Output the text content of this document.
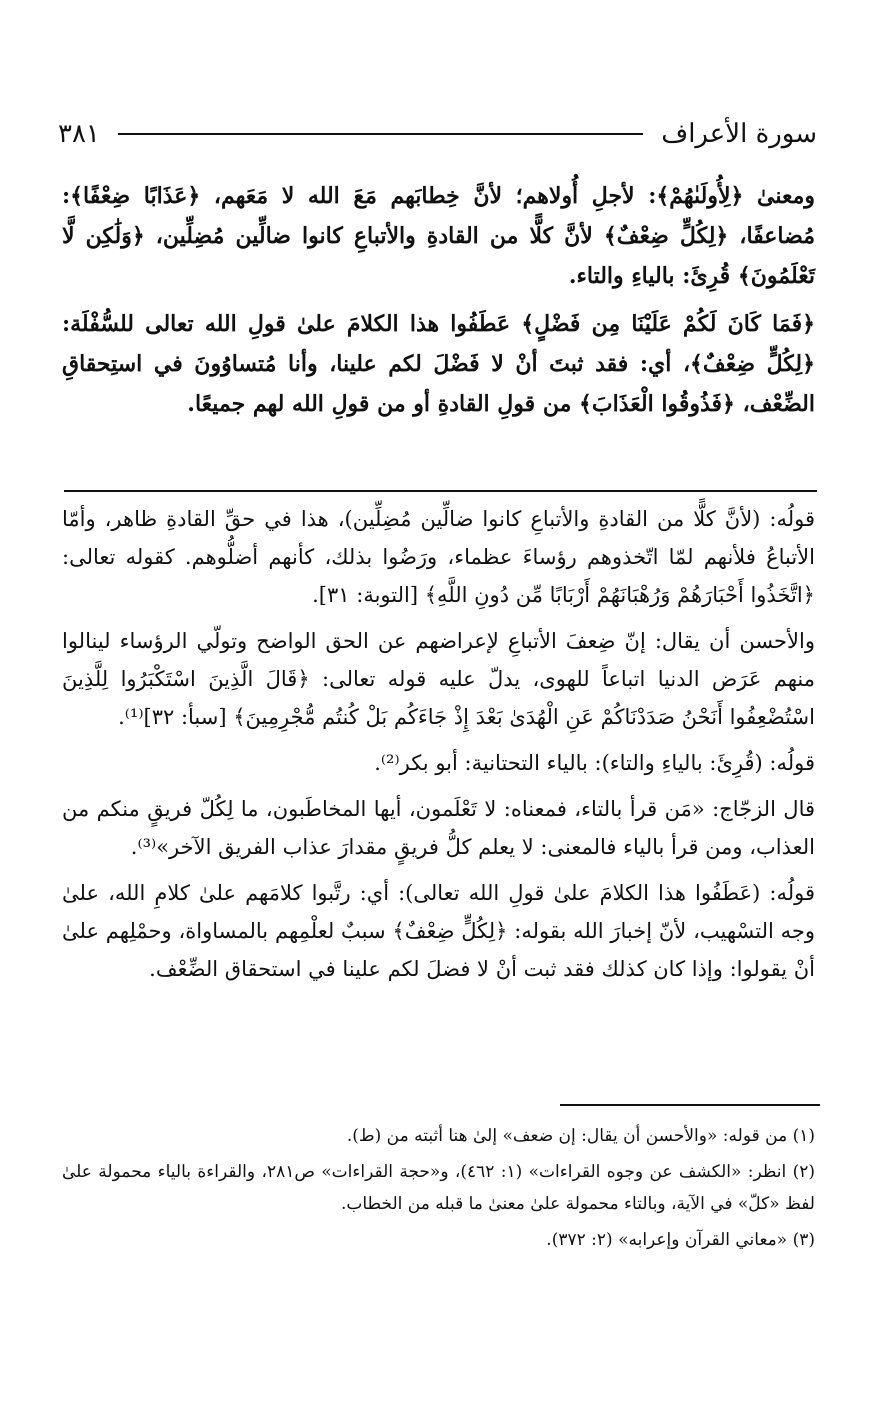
سورة الأعراف
٣٨١

ومعنىٰ ﴿لِأُولَىٰهُمْ﴾: لأجلِ أُولاهم؛ لأنَّ خِطابَهم مَعَ الله لا مَعَهم، ﴿عَذَابًا ضِعْفًا﴾: مُضاعفًا، ﴿لِكُلٍّ ضِعْفٌ﴾ لأنَّ كلًّا من القادةِ والأتباعِ كانوا ضالِّين مُضِلِّين، ﴿وَلَٰكِن لَّا تَعْلَمُونَ﴾ قُرِئَ: بالياءِ والتاء.

﴿فَمَا كَانَ لَكُمْ عَلَيْنَا مِن فَضْلٍ﴾ عَطَفُوا هذا الكلامَ علىٰ قولِ الله تعالى للسُّفْلَة: ﴿لِكُلٍّ ضِعْفٌ﴾، أي: فقد ثبتَ أنْ لا فَضْلَ لكم علينا، وأنا مُتساوُونَ في استِحقاقِ الضِّعْف، ﴿فَذُوقُوا الْعَذَابَ﴾ من قولِ القادةِ أو من قولِ الله لهم جميعًا.

قولُه: (لأنَّ كلًّا من القادةِ والأتباعِ كانوا ضالِّين مُضِلِّين)، هذا في حقِّ القادةِ ظاهر، وأمّا الأتباعُ فلأنهم لمّا اتّخذوهم رؤساءَ عظماء، ورَضُوا بذلك، كأنهم أضلُّوهم. كقوله تعالى: ﴿اتَّخَذُوا أَحْبَارَهُمْ وَرُهْبَانَهُمْ أَرْبَابًا مِّن دُونِ اللَّهِ﴾ [التوبة: ٣١].

والأحسن أن يقال: إنّ ضِعفَ الأتباعِ لإعراضهم عن الحق الواضح وتولّي الرؤساء لينالوا منهم عَرَض الدنيا اتباعاً للهوى، يدلّ عليه قوله تعالى: ﴿قَالَ الَّذِينَ اسْتَكْبَرُوا لِلَّذِينَ اسْتُضْعِفُوا أَنَحْنُ صَدَدْنَاكُمْ عَنِ الْهُدَىٰ بَعْدَ إِذْ جَاءَكُم بَلْ كُنتُم مُّجْرِمِينَ﴾ [سبأ: ٣٢]⁽¹⁾.

قولُه: (قُرِئَ: بالياءِ والتاء): بالياء التحتانية: أبو بكر⁽²⁾.

قال الزجّاج: «مَن قرأ بالتاء، فمعناه: لا تَعْلَمون، أيها المخاطَبون، ما لِكُلّ فريقٍ منكم من العذاب، ومن قرأ بالياء فالمعنى: لا يعلم كلُّ فريقٍ مقدارَ عذاب الفريق الآخر»⁽³⁾.

قولُه: (عَطَفُوا هذا الكلامَ علىٰ قولِ الله تعالى): أي: رتَّبوا كلامَهم علىٰ كلامِ الله، علىٰ وجه التسْهيب، لأنّ إخبارَ الله بقوله: ﴿لِكُلٍّ ضِعْفٌ﴾ سببٌ لعلْمِهم بالمساواة، وحمْلِهم علىٰ أنْ يقولوا: وإذا كان كذلك فقد ثبت أنْ لا فضلَ لكم علينا في استحقاق الضِّعْف.

(١) من قوله: «والأحسن أن يقال: إن ضعف» إلىٰ هنا أثبته من (ط).

(٢) انظر: «الكشف عن وجوه القراءات» (١: ٤٦٢)، و«حجة القراءات» ص٢٨١، والقراءة بالياء محمولة علىٰ لفظ «كلّ» في الآية، وبالتاء محمولة علىٰ معنىٰ ما قبله من الخطاب.

(٣) «معاني القرآن وإعرابه» (٢: ٣٧٢).
